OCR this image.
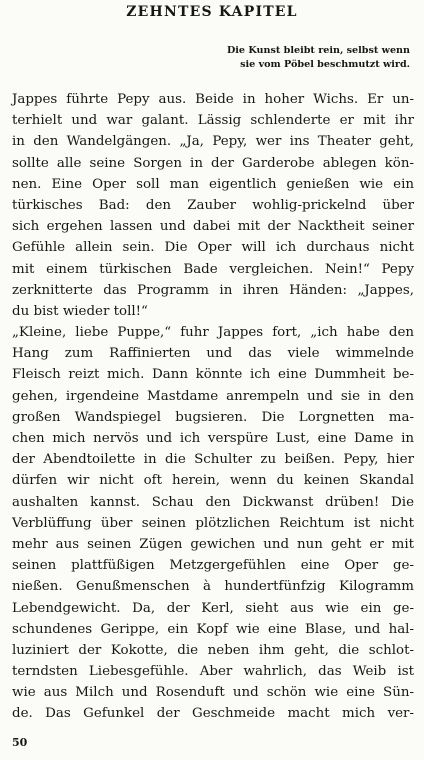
ZEHNTES KAPITEL
Die Kunst bleibt rein, selbst wenn
sie vom Pöbel beschmutzt wird.
Jappes führte Pepy aus. Beide in hoher Wichs. Er un-
terhielt und war galant. Lässig schlenderte er mit ihr
in den Wandelgängen. „Ja, Pepy, wer ins Theater geht,
sollte alle seine Sorgen in der Garderobe ablegen kön-
nen. Eine Oper soll man eigentlich genießen wie ein
türkisches Bad: den Zauber wohlig-prickelnd über
sich ergehen lassen und dabei mit der Nacktheit seiner
Gefühle allein sein. Die Oper will ich durchaus nicht
mit einem türkischen Bade vergleichen. Nein!“ Pepy
zerknitterte das Programm in ihren Händen: „Jappes,
du bist wieder toll!“
„Kleine, liebe Puppe,“ fuhr Jappes fort, „ich habe den
Hang zum Raffinierten und das viele wimmelnde
Fleisch reizt mich. Dann könnte ich eine Dummheit be-
gehen, irgendeine Mastdame anrempeln und sie in den
großen Wandspiegel bugsieren. Die Lorgnetten ma-
chen mich nervös und ich verspüre Lust, eine Dame in
der Abendtoilette in die Schulter zu beißen. Pepy, hier
dürfen wir nicht oft herein, wenn du keinen Skandal
aushalten kannst. Schau den Dickwanst drüben! Die
Verblüffung über seinen plötzlichen Reichtum ist nicht
mehr aus seinen Zügen gewichen und nun geht er mit
seinen plattfüßigen Metzgergefühlen eine Oper ge-
nießen. Genußmenschen à hundertfünfzig Kilogramm
Lebendgewicht. Da, der Kerl, sieht aus wie ein ge-
schundenes Gerippe, ein Kopf wie eine Blase, und hal-
luziniert der Kokotte, die neben ihm geht, die schlot-
terndsten Liebesgefühle. Aber wahrlich, das Weib ist
wie aus Milch und Rosenduft und schön wie eine Sün-
de. Das Gefunkel der Geschmeide macht mich ver-

50
